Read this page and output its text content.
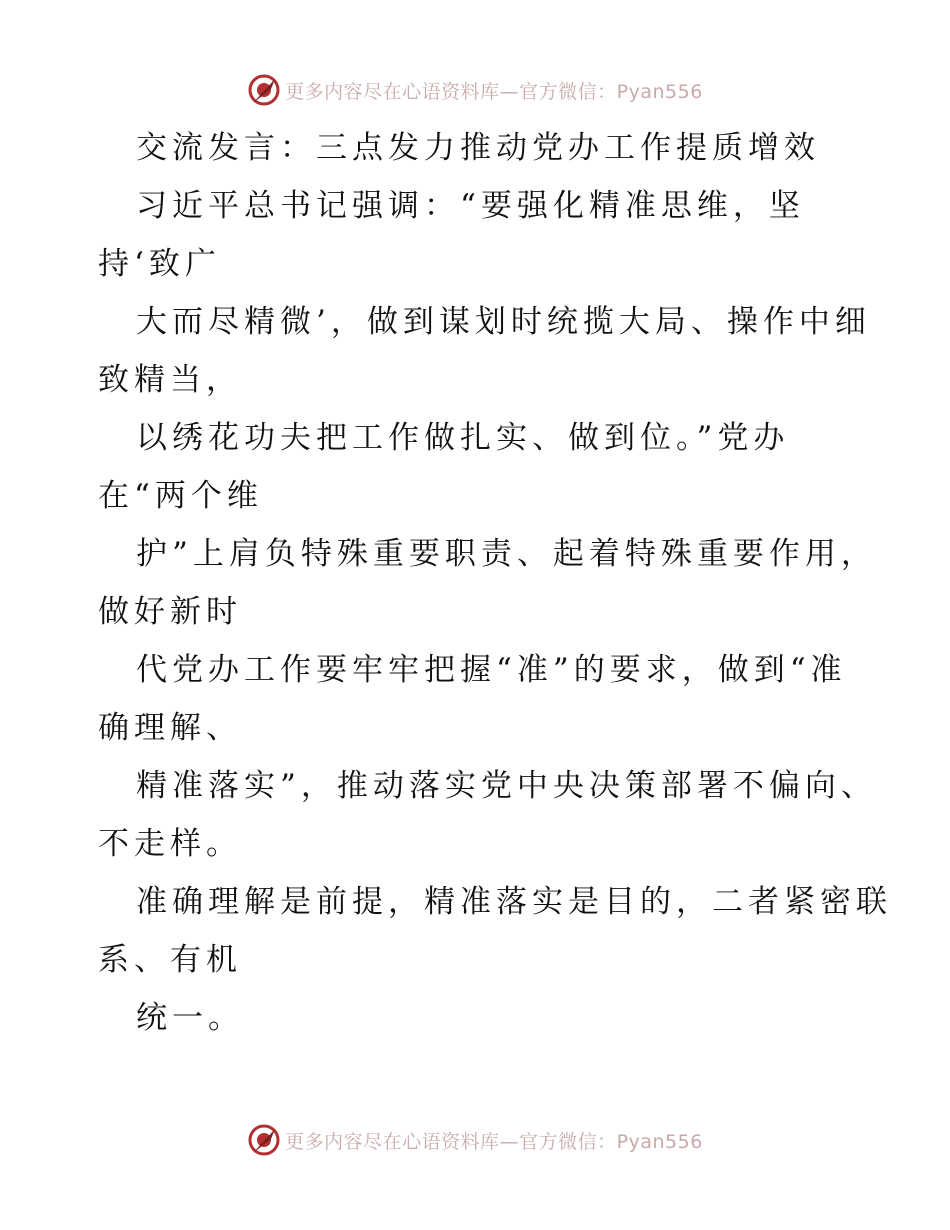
更多内容尽在心语资料库—官方微信：Pyan556
交流发言：三点发力推动党办工作提质增效
习近平总书记强调：“要强化精准思维，坚
持‘致广
大而尽精微’，做到谋划时统揽大局、操作中细
致精当，
以绣花功夫把工作做扎实、做到位。”党办
在“两个维
护”上肩负特殊重要职责、起着特殊重要作用，
做好新时
代党办工作要牢牢把握“准”的要求，做到“准
确理解、
精准落实”，推动落实党中央决策部署不偏向、
不走样。
准确理解是前提，精准落实是目的，二者紧密联
系、有机
统一。
更多内容尽在心语资料库—官方微信：Pyan556
